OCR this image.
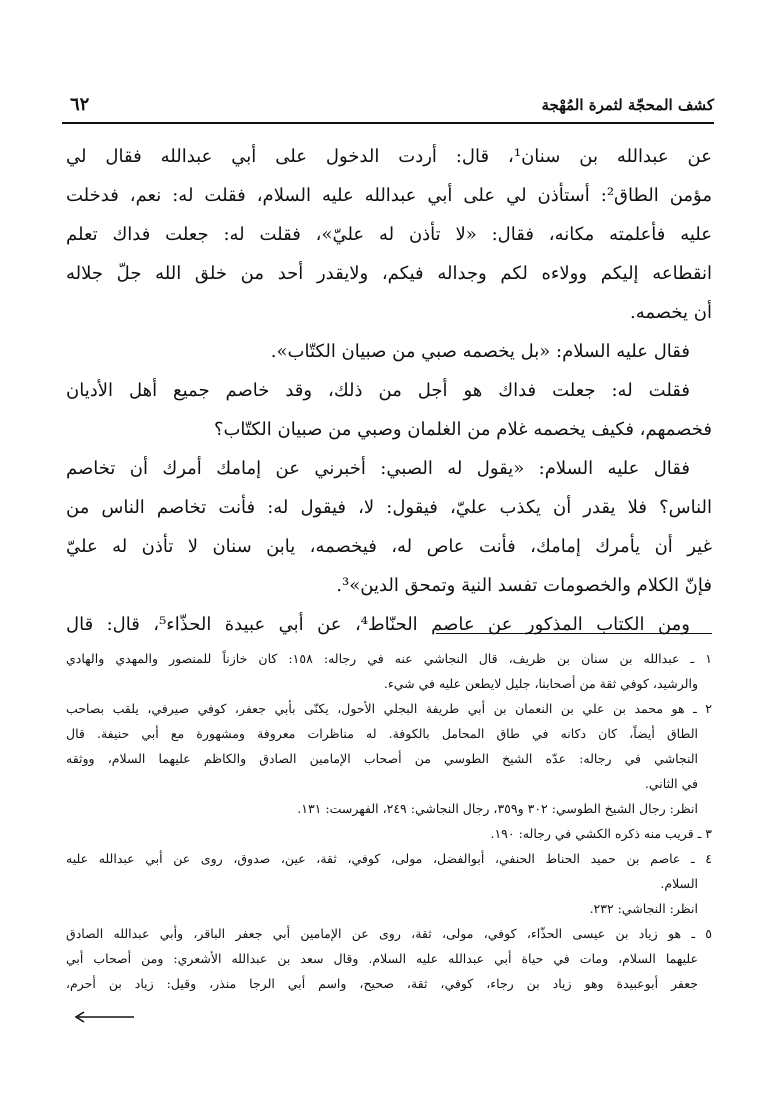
كشف المحجّة لثمرة المُهْجة
٦٢
عن عبدالله بن سنان¹، قال: أردت الدخول على أبي عبدالله فقال لي
مؤمن الطاق²: أستأذن لي على أبي عبدالله عليه السلام، فقلت له: نعم، فدخلت
عليه فأعلمته مكانه، فقال: «لا تأذن له عليّ»، فقلت له: جعلت فداك تعلم
انقطاعه إليكم وولاءه لكم وجداله فيكم، ولايقدر أحد من خلق الله جلّ جلاله
أن يخصمه.
فقال عليه السلام: «بل يخصمه صبي من صبيان الكتّاب».
فقلت له: جعلت فداك هو أجل من ذلك، وقد خاصم جميع أهل الأديان
فخصمهم، فكيف يخصمه غلام من الغلمان وصبي من صبيان الكتّاب؟
فقال عليه السلام: «يقول له الصبي: أخبرني عن إمامك أمرك أن تخاصم
الناس؟ فلا يقدر أن يكذب عليّ، فيقول: لا، فيقول له: فأنت تخاصم الناس من
غير أن يأمرك إمامك، فأنت عاص له، فيخصمه، يابن سنان لا تأذن له عليّ
فإنّ الكلام والخصومات تفسد النية وتمحق الدين»³.
ومن الكتاب المذكور عن عاصم الحنّاط⁴، عن أبي عبيدة الحذّاء⁵، قال: قال
١ ـ عبدالله بن سنان بن ظريف، قال النجاشي عنه في رجاله: ١٥٨: كان خازناً للمنصور والمهدي والهادي
والرشيد، كوفي ثقة من أصحابنا، جليل لايطعن عليه في شيء.
٢ ـ هو محمد بن علي بن النعمان بن أبي طريفة البجلي الأحول، يكنّى بأبي جعفر، كوفي صيرفي، يلقب بصاحب
الطاق أيضاً، كان دكانه في طاق المحامل بالكوفة. له مناظرات معروفة ومشهورة مع أبي حنيفة. قال
النجاشي في رجاله: عدّه الشيخ الطوسي من أصحاب الإمامين الصادق والكاظم عليهما السلام، ووثقه
في الثاني.
انظر: رجال الشيخ الطوسي: ٣٠٢ و٣٥٩، رجال النجاشي: ٢٤٩، الفهرست: ١٣١.
٣ ـ قريب منه ذكره الكشي في رجاله: ١٩٠.
٤ ـ عاصم بن حميد الحناط الحنفي، أبوالفضل، مولى، كوفي، ثقة، عين، صدوق، روى عن أبي عبدالله عليه
السلام.
انظر: النجاشي: ٢٣٢.
٥ ـ هو زياد بن عيسى الحذّاء، كوفي، مولى، ثقة، روى عن الإمامين أبي جعفر الباقر، وأبي عبدالله الصادق
عليهما السلام، ومات في حياة أبي عبدالله عليه السلام. وقال سعد بن عبدالله الأشعري: ومن أصحاب أبي
جعفر أبوعبيدة وهو زياد بن رجاء، كوفي، ثقة، صحيح، واسم أبي الرجا منذر، وقيل: زياد بن أحرم،
